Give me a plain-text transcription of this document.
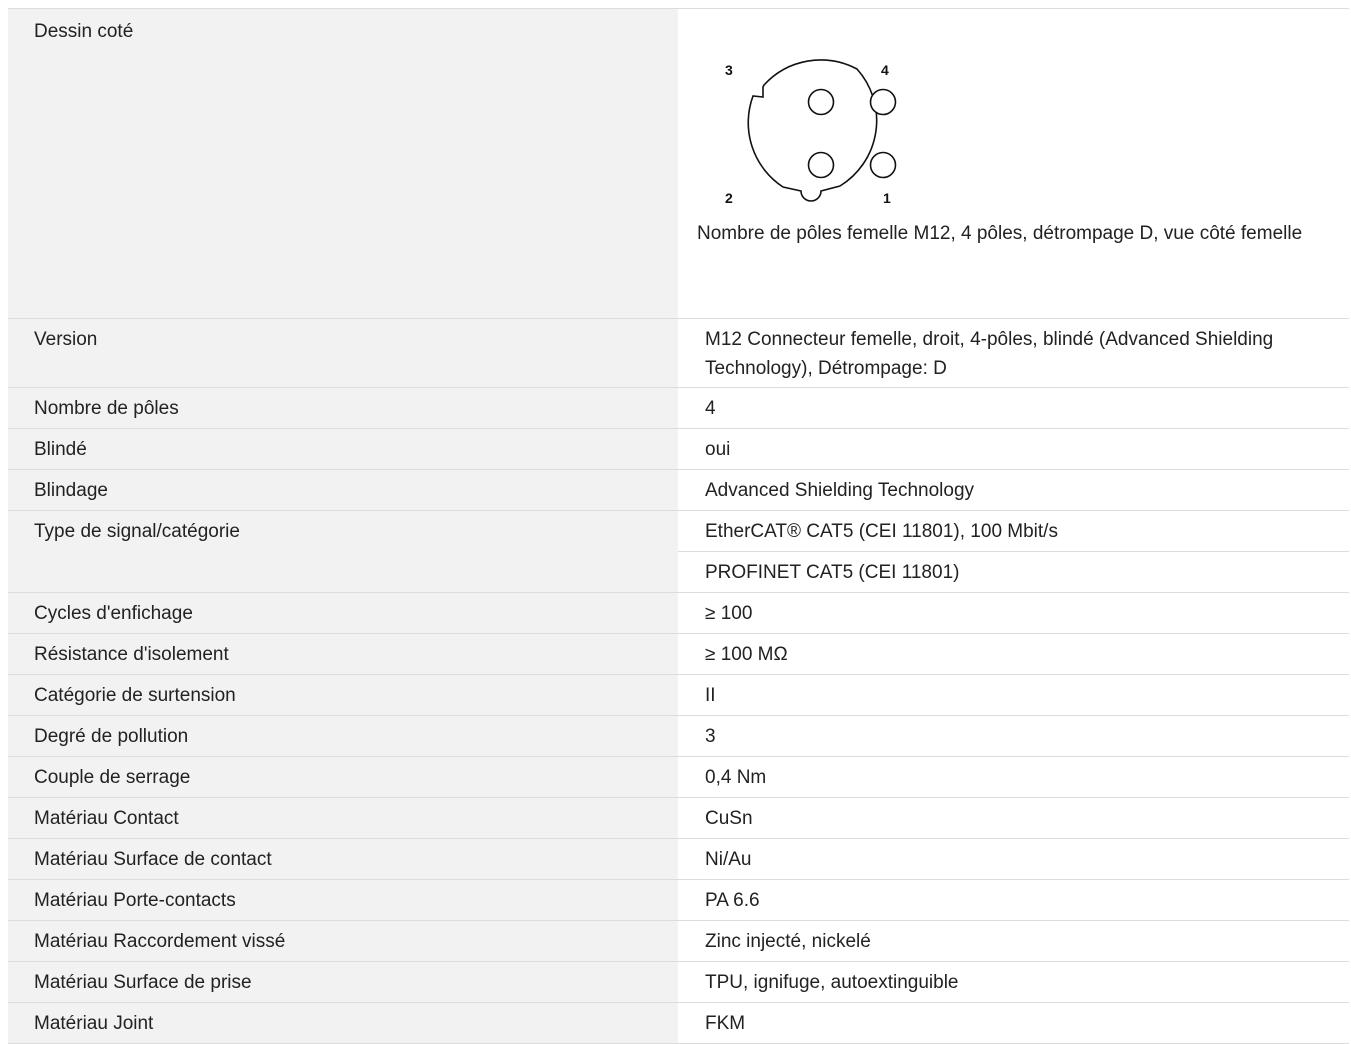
Dessin coté
3	4
2	1
Nombre de pôles femelle M12, 4 pôles, détrompage D, vue côté femelle
Version	M12 Connecteur femelle, droit, 4-pôles, blindé (Advanced Shielding Technology), Détrompage: D
Nombre de pôles	4
Blindé	oui
Blindage	Advanced Shielding Technology
Type de signal/catégorie	EtherCAT® CAT5 (CEI 11801), 100 Mbit/s
PROFINET CAT5 (CEI 11801)
Cycles d'enfichage	≥ 100
Résistance d'isolement	≥ 100 MΩ
Catégorie de surtension	II
Degré de pollution	3
Couple de serrage	0,4 Nm
Matériau Contact	CuSn
Matériau Surface de contact	Ni/Au
Matériau Porte-contacts	PA 6.6
Matériau Raccordement vissé	Zinc injecté, nickelé
Matériau Surface de prise	TPU, ignifuge, autoextinguible
Matériau Joint	FKM
